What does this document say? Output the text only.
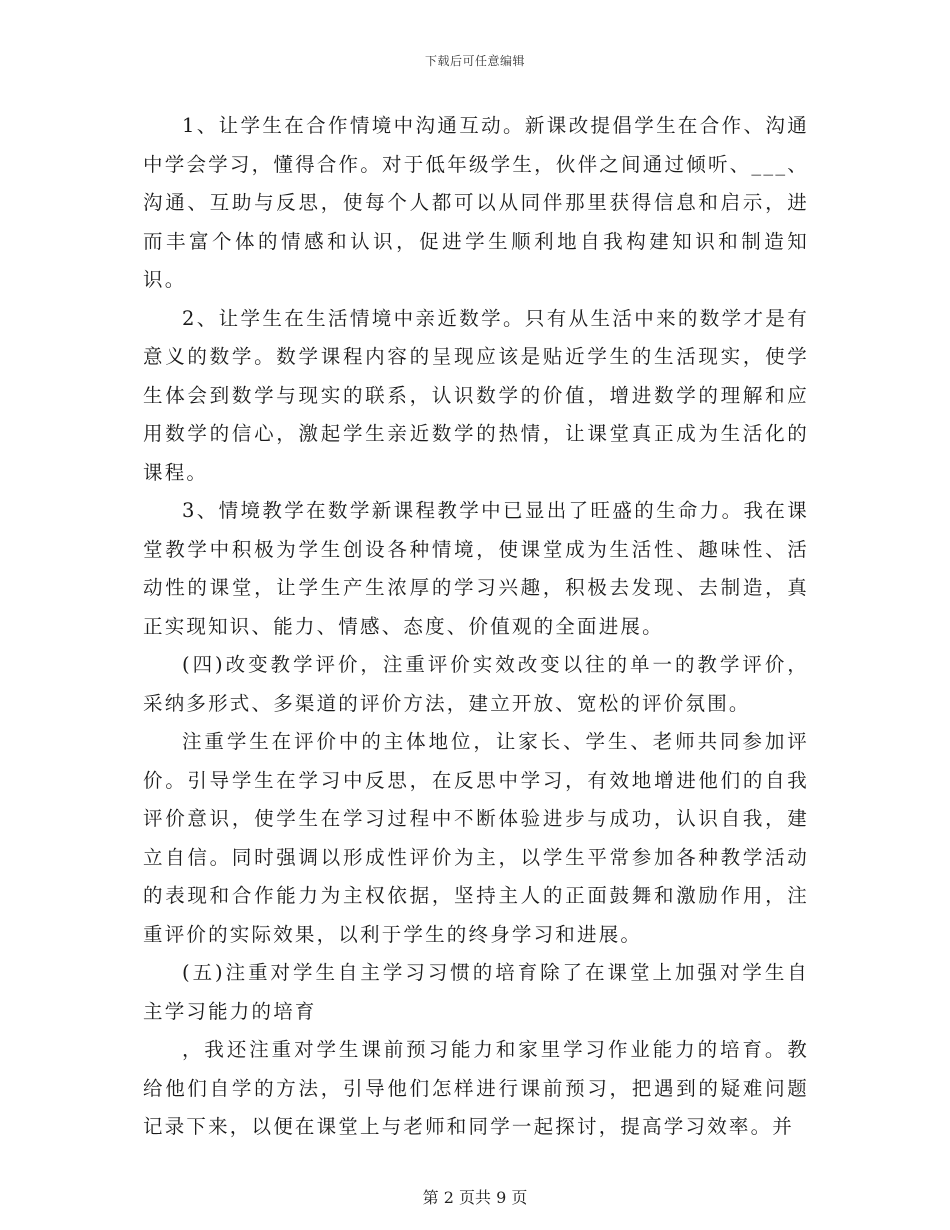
下载后可任意编辑

1、让学生在合作情境中沟通互动。新课改提倡学生在合作、沟通中学会学习，懂得合作。对于低年级学生，伙伴之间通过倾听、___、沟通、互助与反思，使每个人都可以从同伴那里获得信息和启示，进而丰富个体的情感和认识，促进学生顺利地自我构建知识和制造知识。

2、让学生在生活情境中亲近数学。只有从生活中来的数学才是有意义的数学。数学课程内容的呈现应该是贴近学生的生活现实，使学生体会到数学与现实的联系，认识数学的价值，增进数学的理解和应用数学的信心，激起学生亲近数学的热情，让课堂真正成为生活化的课程。

3、情境教学在数学新课程教学中已显出了旺盛的生命力。我在课堂教学中积极为学生创设各种情境，使课堂成为生活性、趣味性、活动性的课堂，让学生产生浓厚的学习兴趣，积极去发现、去制造，真正实现知识、能力、情感、态度、价值观的全面进展。

(四)改变教学评价，注重评价实效改变以往的单一的教学评价，采纳多形式、多渠道的评价方法，建立开放、宽松的评价氛围。

注重学生在评价中的主体地位，让家长、学生、老师共同参加评价。引导学生在学习中反思，在反思中学习，有效地增进他们的自我评价意识，使学生在学习过程中不断体验进步与成功，认识自我，建立自信。同时强调以形成性评价为主，以学生平常参加各种教学活动的表现和合作能力为主权依据，坚持主人的正面鼓舞和激励作用，注重评价的实际效果，以利于学生的终身学习和进展。

(五)注重对学生自主学习习惯的培育除了在课堂上加强对学生自主学习能力的培育

，我还注重对学生课前预习能力和家里学习作业能力的培育。教给他们自学的方法，引导他们怎样进行课前预习，把遇到的疑难问题记录下来，以便在课堂上与老师和同学一起探讨，提高学习效率。并

第 2 页共 9 页
